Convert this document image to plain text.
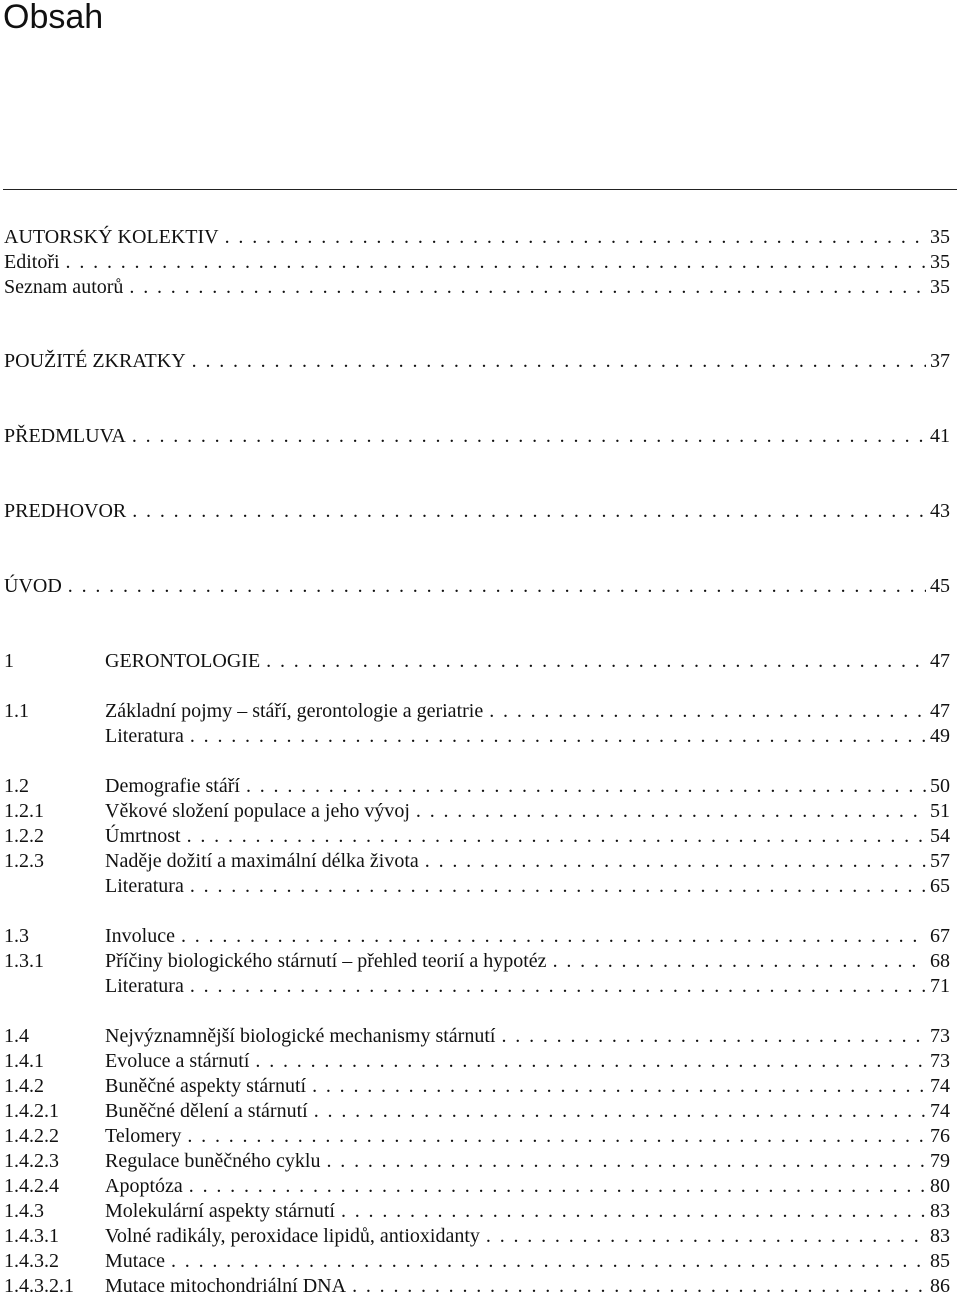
Obsah
AUTORSKÝ KOLEKTIV . . .	35
Editoři . . .	35
Seznam autorů . . .	35
POUŽITÉ ZKRATKY . . .	37
PŘEDMLUVA . . .	41
PREDHOVOR . . .	43
ÚVOD . . .	45
1	GERONTOLOGIE . . .	47
1.1	Základní pojmy – stáří, gerontologie a geriatrie . . .	47
Literatura . . .	49
1.2	Demografie stáří . . .	50
1.2.1	Věkové složení populace a jeho vývoj . . .	51
1.2.2	Úmrtnost . . .	54
1.2.3	Naděje dožití a maximální délka života . . .	57
Literatura . . .	65
1.3	Involuce . . .	67
1.3.1	Příčiny biologického stárnutí – přehled teorií a hypotéz . . .	68
Literatura . . .	71
1.4	Nejvýznamnější biologické mechanismy stárnutí . . .	73
1.4.1	Evoluce a stárnutí . . .	73
1.4.2	Buněčné aspekty stárnutí . . .	74
1.4.2.1	Buněčné dělení a stárnutí . . .	74
1.4.2.2	Telomery . . .	76
1.4.2.3	Regulace buněčného cyklu . . .	79
1.4.2.4	Apoptóza . . .	80
1.4.3	Molekulární aspekty stárnutí . . .	83
1.4.3.1	Volné radikály, peroxidace lipidů, antioxidanty . . .	83
1.4.3.2	Mutace . . .	85
1.4.3.2.1	Mutace mitochondriální DNA . . .	86
